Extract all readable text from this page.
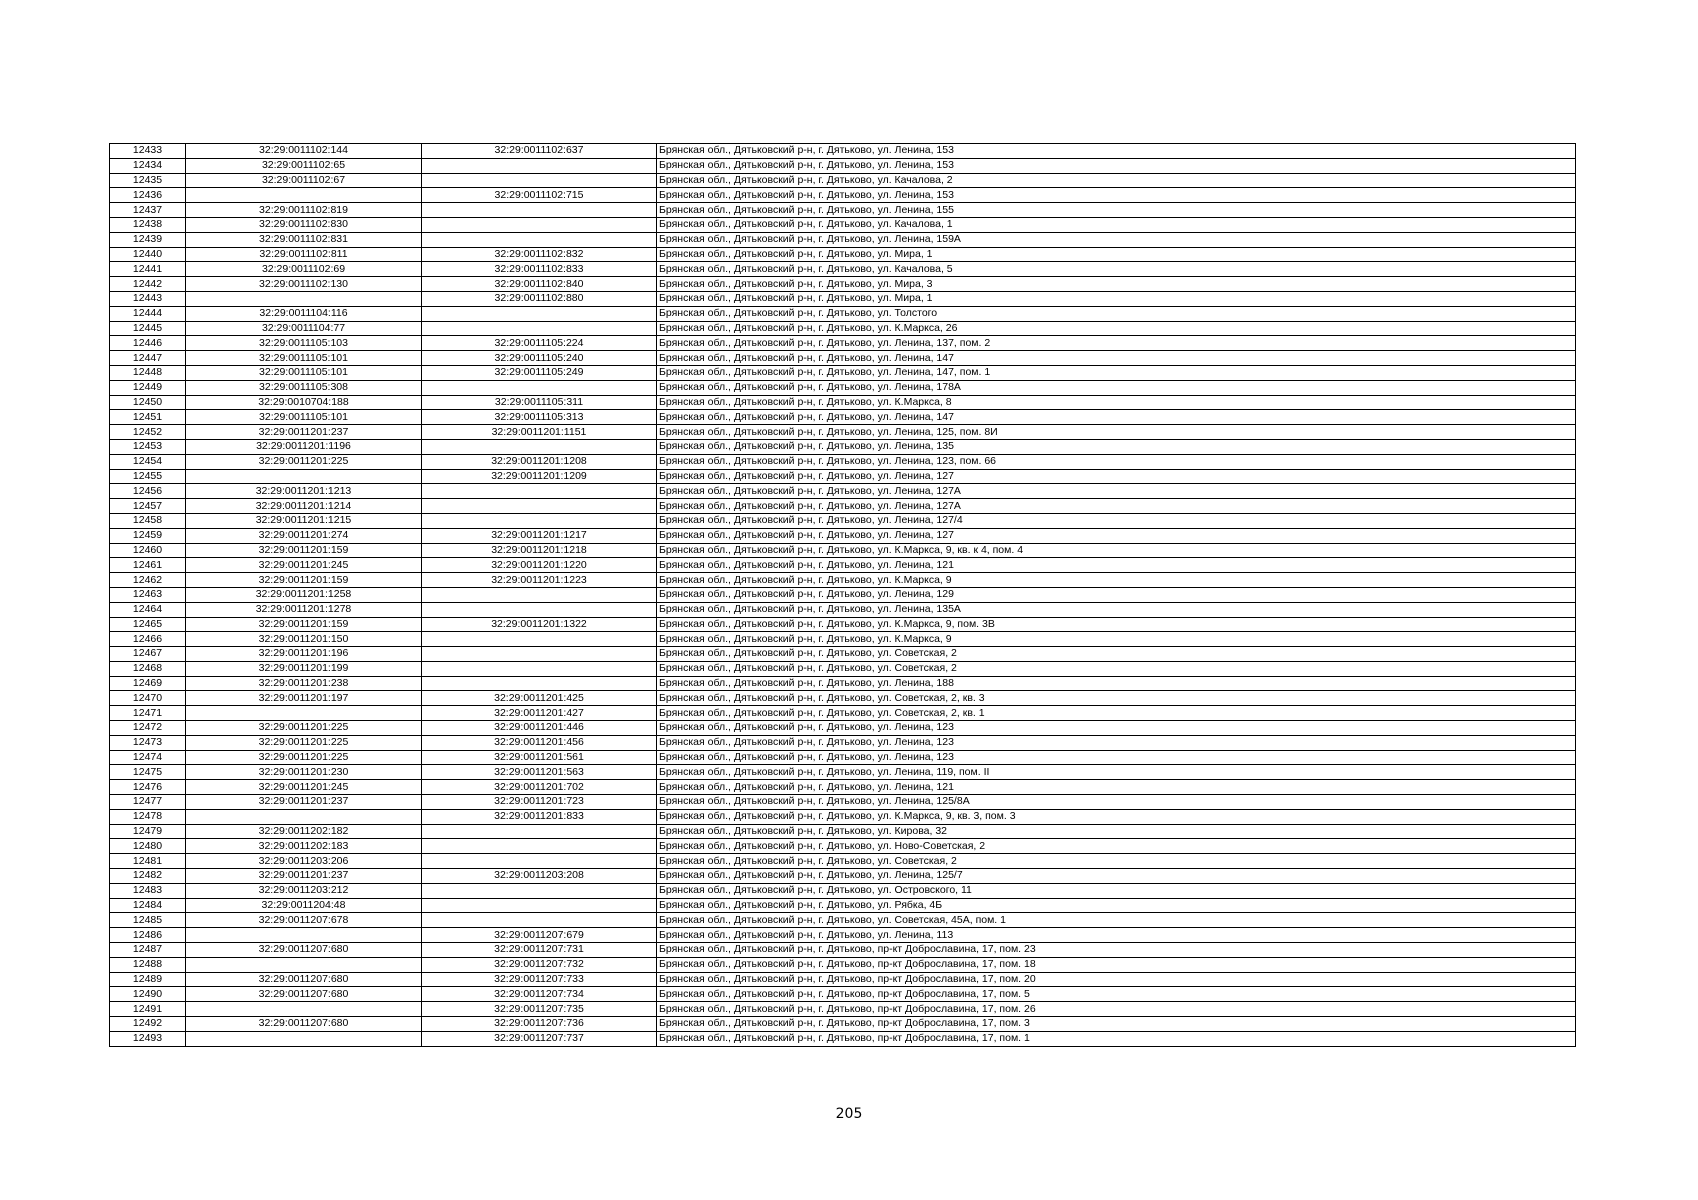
12433	32:29:0011102:144	32:29:0011102:637	Брянская обл., Дятьковский р-н, г. Дятьково, ул. Ленина, 153
12434	32:29:0011102:65		Брянская обл., Дятьковский р-н, г. Дятьково, ул. Ленина, 153
12435	32:29:0011102:67		Брянская обл., Дятьковский р-н, г. Дятьково, ул. Качалова, 2
12436		32:29:0011102:715	Брянская обл., Дятьковский р-н, г. Дятьково, ул. Ленина, 153
12437	32:29:0011102:819		Брянская обл., Дятьковский р-н, г. Дятьково, ул. Ленина, 155
12438	32:29:0011102:830		Брянская обл., Дятьковский р-н, г. Дятьково, ул. Качалова, 1
12439	32:29:0011102:831		Брянская обл., Дятьковский р-н, г. Дятьково, ул. Ленина, 159А
12440	32:29:0011102:811	32:29:0011102:832	Брянская обл., Дятьковский р-н, г. Дятьково, ул. Мира, 1
12441	32:29:0011102:69	32:29:0011102:833	Брянская обл., Дятьковский р-н, г. Дятьково, ул. Качалова, 5
12442	32:29:0011102:130	32:29:0011102:840	Брянская обл., Дятьковский р-н, г. Дятьково, ул. Мира, 3
12443		32:29:0011102:880	Брянская обл., Дятьковский р-н, г. Дятьково, ул. Мира, 1
12444	32:29:0011104:116		Брянская обл., Дятьковский р-н, г. Дятьково, ул. Толстого
12445	32:29:0011104:77		Брянская обл., Дятьковский р-н, г. Дятьково, ул. К.Маркса, 26
12446	32:29:0011105:103	32:29:0011105:224	Брянская обл., Дятьковский р-н, г. Дятьково, ул. Ленина, 137, пом. 2
12447	32:29:0011105:101	32:29:0011105:240	Брянская обл., Дятьковский р-н, г. Дятьково, ул. Ленина, 147
12448	32:29:0011105:101	32:29:0011105:249	Брянская обл., Дятьковский р-н, г. Дятьково, ул. Ленина, 147, пом. 1
12449	32:29:0011105:308		Брянская обл., Дятьковский р-н, г. Дятьково, ул. Ленина, 178А
12450	32:29:0010704:188	32:29:0011105:311	Брянская обл., Дятьковский р-н, г. Дятьково, ул. К.Маркса, 8
12451	32:29:0011105:101	32:29:0011105:313	Брянская обл., Дятьковский р-н, г. Дятьково, ул. Ленина, 147
12452	32:29:0011201:237	32:29:0011201:1151	Брянская обл., Дятьковский р-н, г. Дятьково, ул. Ленина, 125, пом. 8И
12453	32:29:0011201:1196		Брянская обл., Дятьковский р-н, г. Дятьково, ул. Ленина, 135
12454	32:29:0011201:225	32:29:0011201:1208	Брянская обл., Дятьковский р-н, г. Дятьково, ул. Ленина, 123, пом. 66
12455		32:29:0011201:1209	Брянская обл., Дятьковский р-н, г. Дятьково, ул. Ленина, 127
12456	32:29:0011201:1213		Брянская обл., Дятьковский р-н, г. Дятьково, ул. Ленина, 127А
12457	32:29:0011201:1214		Брянская обл., Дятьковский р-н, г. Дятьково, ул. Ленина, 127А
12458	32:29:0011201:1215		Брянская обл., Дятьковский р-н, г. Дятьково, ул. Ленина, 127/4
12459	32:29:0011201:274	32:29:0011201:1217	Брянская обл., Дятьковский р-н, г. Дятьково, ул. Ленина, 127
12460	32:29:0011201:159	32:29:0011201:1218	Брянская обл., Дятьковский р-н, г. Дятьково, ул. К.Маркса, 9, кв. к 4, пом. 4
12461	32:29:0011201:245	32:29:0011201:1220	Брянская обл., Дятьковский р-н, г. Дятьково, ул. Ленина, 121
12462	32:29:0011201:159	32:29:0011201:1223	Брянская обл., Дятьковский р-н, г. Дятьково, ул. К.Маркса, 9
12463	32:29:0011201:1258		Брянская обл., Дятьковский р-н, г. Дятьково, ул. Ленина, 129
12464	32:29:0011201:1278		Брянская обл., Дятьковский р-н, г. Дятьково, ул. Ленина, 135А
12465	32:29:0011201:159	32:29:0011201:1322	Брянская обл., Дятьковский р-н, г. Дятьково, ул. К.Маркса, 9, пом. 3В
12466	32:29:0011201:150		Брянская обл., Дятьковский р-н, г. Дятьково, ул. К.Маркса, 9
12467	32:29:0011201:196		Брянская обл., Дятьковский р-н, г. Дятьково, ул. Советская, 2
12468	32:29:0011201:199		Брянская обл., Дятьковский р-н, г. Дятьково, ул. Советская, 2
12469	32:29:0011201:238		Брянская обл., Дятьковский р-н, г. Дятьково, ул. Ленина, 188
12470	32:29:0011201:197	32:29:0011201:425	Брянская обл., Дятьковский р-н, г. Дятьково, ул. Советская, 2, кв. 3
12471		32:29:0011201:427	Брянская обл., Дятьковский р-н, г. Дятьково, ул. Советская, 2, кв. 1
12472	32:29:0011201:225	32:29:0011201:446	Брянская обл., Дятьковский р-н, г. Дятьково, ул. Ленина, 123
12473	32:29:0011201:225	32:29:0011201:456	Брянская обл., Дятьковский р-н, г. Дятьково, ул. Ленина, 123
12474	32:29:0011201:225	32:29:0011201:561	Брянская обл., Дятьковский р-н, г. Дятьково, ул. Ленина, 123
12475	32:29:0011201:230	32:29:0011201:563	Брянская обл., Дятьковский р-н, г. Дятьково, ул. Ленина, 119, пом. II
12476	32:29:0011201:245	32:29:0011201:702	Брянская обл., Дятьковский р-н, г. Дятьково, ул. Ленина, 121
12477	32:29:0011201:237	32:29:0011201:723	Брянская обл., Дятьковский р-н, г. Дятьково, ул. Ленина, 125/8А
12478		32:29:0011201:833	Брянская обл., Дятьковский р-н, г. Дятьково, ул. К.Маркса, 9, кв. 3, пом. 3
12479	32:29:0011202:182		Брянская обл., Дятьковский р-н, г. Дятьково, ул. Кирова, 32
12480	32:29:0011202:183		Брянская обл., Дятьковский р-н, г. Дятьково, ул. Ново-Советская, 2
12481	32:29:0011203:206		Брянская обл., Дятьковский р-н, г. Дятьково, ул. Советская, 2
12482	32:29:0011201:237	32:29:0011203:208	Брянская обл., Дятьковский р-н, г. Дятьково, ул. Ленина, 125/7
12483	32:29:0011203:212		Брянская обл., Дятьковский р-н, г. Дятьково, ул. Островского, 11
12484	32:29:0011204:48		Брянская обл., Дятьковский р-н, г. Дятьково, ул. Рябка, 4Б
12485	32:29:0011207:678		Брянская обл., Дятьковский р-н, г. Дятьково, ул. Советская, 45А, пом. 1
12486		32:29:0011207:679	Брянская обл., Дятьковский р-н, г. Дятьково, ул. Ленина, 113
12487	32:29:0011207:680	32:29:0011207:731	Брянская обл., Дятьковский р-н, г. Дятьково, пр-кт Доброславина, 17, пом. 23
12488		32:29:0011207:732	Брянская обл., Дятьковский р-н, г. Дятьково, пр-кт Доброславина, 17, пом. 18
12489	32:29:0011207:680	32:29:0011207:733	Брянская обл., Дятьковский р-н, г. Дятьково, пр-кт Доброславина, 17, пом. 20
12490	32:29:0011207:680	32:29:0011207:734	Брянская обл., Дятьковский р-н, г. Дятьково, пр-кт Доброславина, 17, пом. 5
12491		32:29:0011207:735	Брянская обл., Дятьковский р-н, г. Дятьково, пр-кт Доброславина, 17, пом. 26
12492	32:29:0011207:680	32:29:0011207:736	Брянская обл., Дятьковский р-н, г. Дятьково, пр-кт Доброславина, 17, пом. 3
12493		32:29:0011207:737	Брянская обл., Дятьковский р-н, г. Дятьково, пр-кт Доброславина, 17, пом. 1
205
